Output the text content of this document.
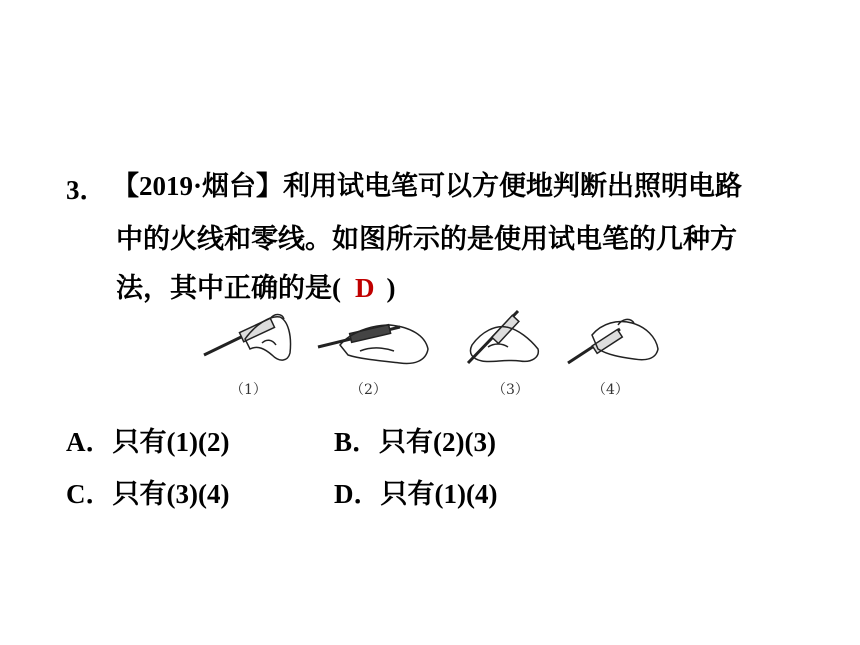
3． 【2019·烟台】利用试电笔可以方便地判断出照明电路
中的火线和零线。如图所示的是使用试电笔的几种方
法，其中正确的是( D )
（1）	（2）	（3）	（4）
A．只有(1)(2)	B．只有(2)(3)
C．只有(3)(4)	D．只有(1)(4)
